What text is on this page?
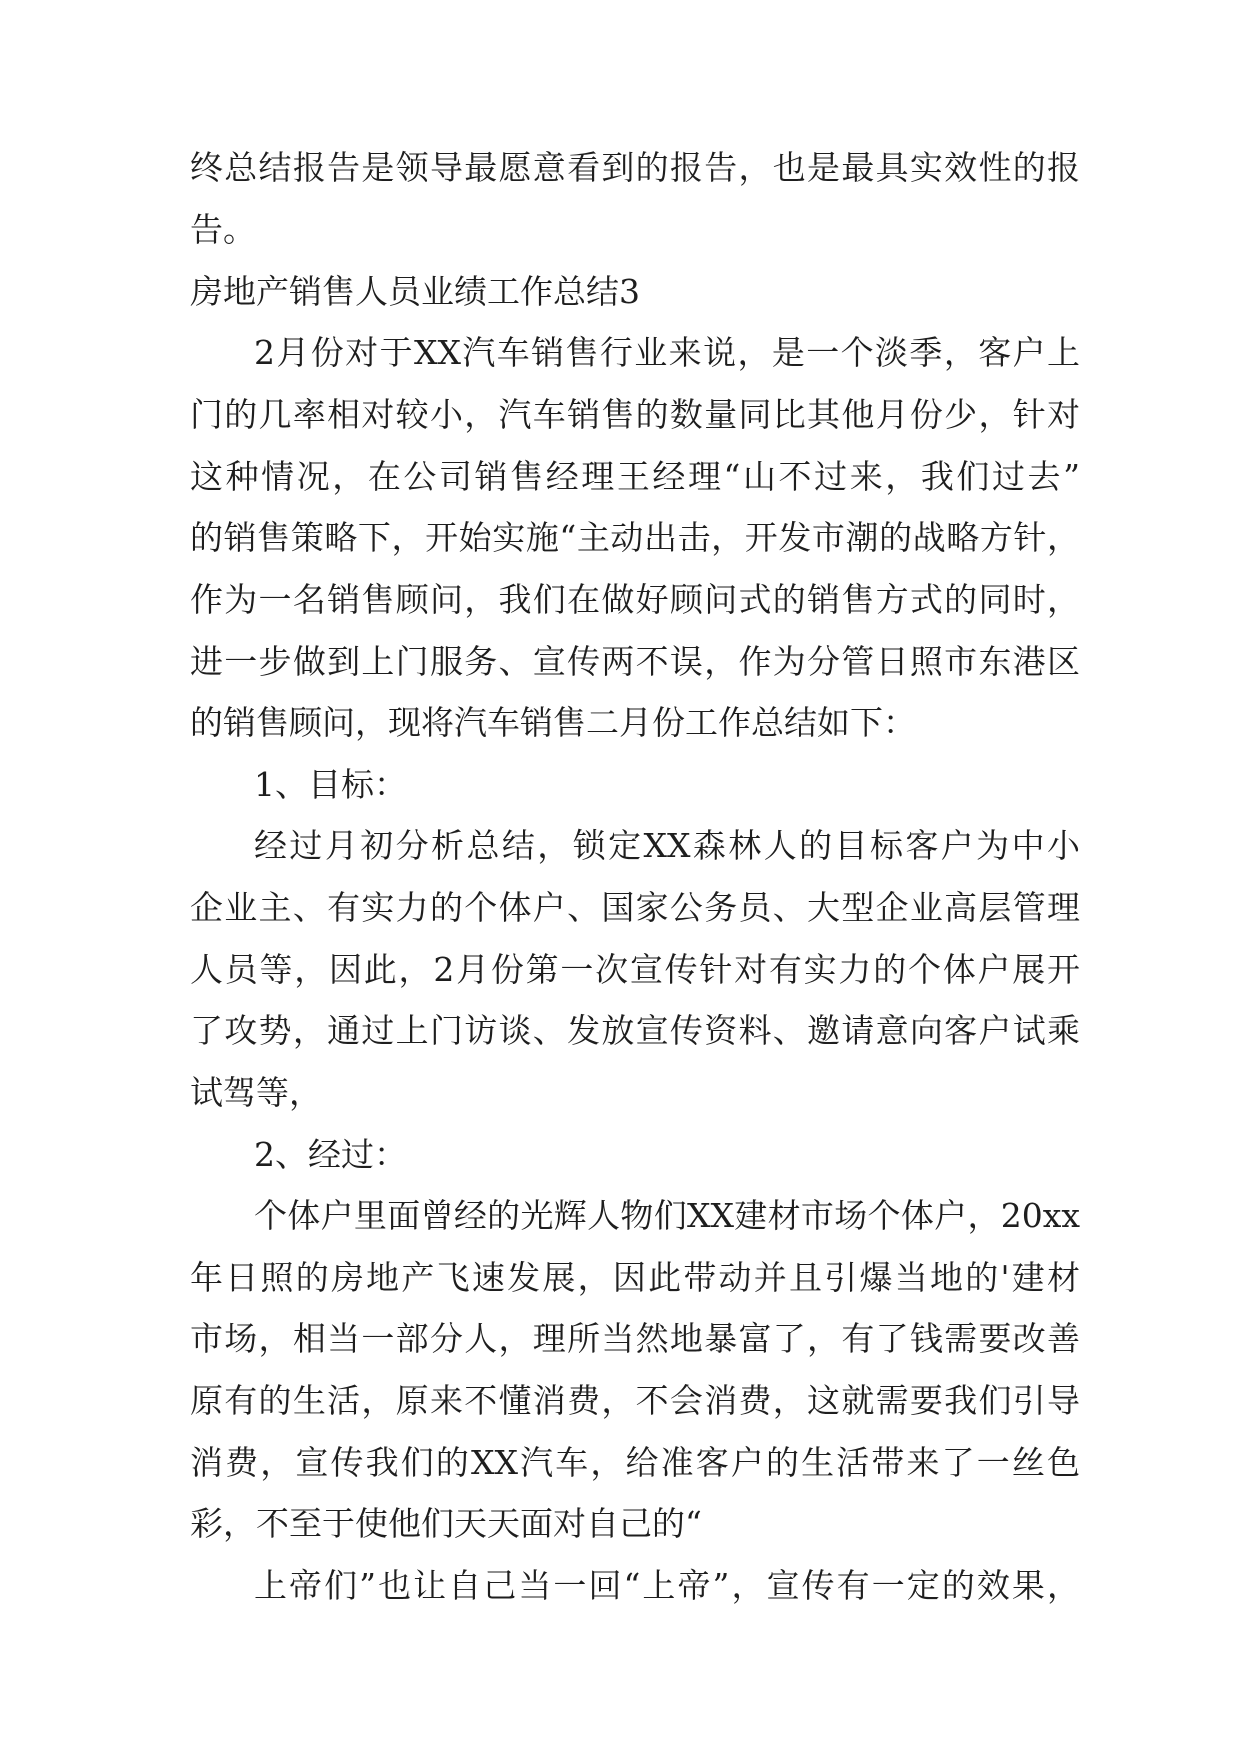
终总结报告是领导最愿意看到的报告，也是最具实效性的报
告。
房地产销售人员业绩工作总结3
2月份对于XX汽车销售行业来说，是一个淡季，客户上
门的几率相对较小，汽车销售的数量同比其他月份少，针对
这种情况，在公司销售经理王经理“山不过来，我们过去”
的销售策略下，开始实施“主动出击，开发市潮的战略方针，
作为一名销售顾问，我们在做好顾问式的销售方式的同时，
进一步做到上门服务、宣传两不误，作为分管日照市东港区
的销售顾问，现将汽车销售二月份工作总结如下：
1、目标：
经过月初分析总结，锁定XX森林人的目标客户为中小
企业主、有实力的个体户、国家公务员、大型企业高层管理
人员等，因此，2月份第一次宣传针对有实力的个体户展开
了攻势，通过上门访谈、发放宣传资料、邀请意向客户试乘
试驾等，
2、经过：
个体户里面曾经的光辉人物们XX建材市场个体户，20xx
年日照的房地产飞速发展，因此带动并且引爆当地的'建材
市场，相当一部分人，理所当然地暴富了，有了钱需要改善
原有的生活，原来不懂消费，不会消费，这就需要我们引导
消费，宣传我们的XX汽车，给准客户的生活带来了一丝色
彩，不至于使他们天天面对自己的“
上帝们”也让自己当一回“上帝”，宣传有一定的效果，
